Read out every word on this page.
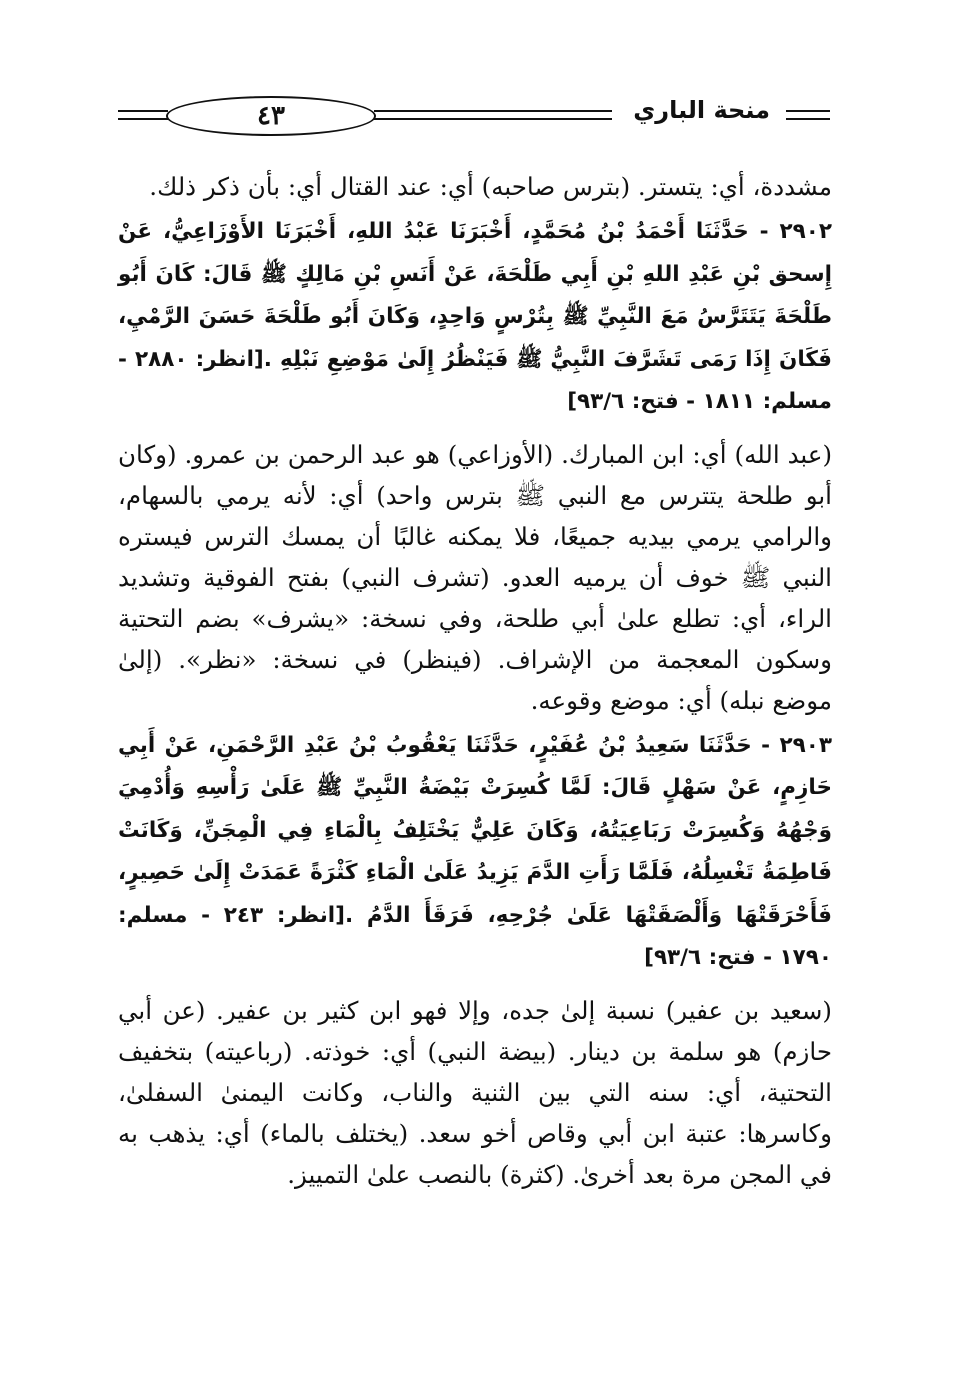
٤٣	منحة الباري

مشددة، أي: يتستر. (بترس صاحبه) أي: عند القتال أي: بأن ذكر ذلك.

٢٩٠٢ - حَدَّثَنَا أَحْمَدُ بْنُ مُحَمَّدٍ، أَخْبَرَنَا عَبْدُ اللهِ، أَخْبَرَنَا الأَوْزَاعِيُّ، عَنْ إِسحق بْنِ عَبْدِ اللهِ بْنِ أَبِي طَلْحَةَ، عَنْ أَنَسِ بْنِ مَالِكٍ ﷺ قَالَ: كَانَ أَبُو طَلْحَةَ يَتَتَرَّسُ مَعَ النَّبِيِّ ﷺ بِتُرْسٍ وَاحِدٍ، وَكَانَ أَبُو طَلْحَةَ حَسَنَ الرَّمْيِ، فَكَانَ إِذَا رَمَى تَشَرَّفَ النَّبِيُّ ﷺ فَيَنْظُرُ إِلَىٰ مَوْضِعِ نَبْلِهِ .[انظر: ٢٨٨٠ - مسلم: ١٨١١ - فتح: ٩٣/٦]

(عبد الله) أي: ابن المبارك. (الأوزاعي) هو عبد الرحمن بن عمرو. (وكان أبو طلحة يتترس مع النبي ﷺ بترس واحد) أي: لأنه يرمي بالسهام، والرامي يرمي بيديه جميعًا، فلا يمكنه غالبًا أن يمسك الترس فيستره النبي ﷺ خوف أن يرميه العدو. (تشرف النبي) بفتح الفوقية وتشديد الراء، أي: تطلع علىٰ أبي طلحة، وفي نسخة: «يشرف» بضم التحتية وسكون المعجمة من الإشراف. (فينظر) في نسخة: «نظر». (إلىٰ موضع نبله) أي: موضع وقوعه.

٢٩٠٣ - حَدَّثَنَا سَعِيدُ بْنُ عُفَيْرٍ، حَدَّثَنَا يَعْقُوبُ بْنُ عَبْدِ الرَّحْمَنِ، عَنْ أَبِي حَازِمٍ، عَنْ سَهْلٍ قَالَ: لَمَّا كُسِرَتْ بَيْضَةُ النَّبِيِّ ﷺ عَلَىٰ رَأْسِهِ وَأُدْمِيَ وَجْهُهُ وَكُسِرَتْ رَبَاعِيَتُهُ، وَكَانَ عَلِيٌّ يَخْتَلِفُ بِالْمَاءِ فِي الْمِجَنِّ، وَكَانَتْ فَاطِمَةُ تَغْسِلُهُ، فَلَمَّا رَأَتِ الدَّمَ يَزِيدُ عَلَىٰ الْمَاءِ كَثْرَةً عَمَدَتْ إِلَىٰ حَصِيرٍ، فَأَحْرَقَتْهَا وَأَلْصَقَتْهَا عَلَىٰ جُرْحِهِ، فَرَقَأَ الدَّمُ .[انظر: ٢٤٣ - مسلم: ١٧٩٠ - فتح: ٩٣/٦]

(سعيد بن عفير) نسبة إلىٰ جده، وإلا فهو ابن كثير بن عفير. (عن أبي حازم) هو سلمة بن دينار. (بيضة النبي) أي: خوذته. (رباعيته) بتخفيف التحتية، أي: سنه التي بين الثنية والناب، وكانت اليمنىٰ السفلىٰ، وكاسرها: عتبة ابن أبي وقاص أخو سعد. (يختلف بالماء) أي: يذهب به في المجن مرة بعد أخرىٰ. (كثرة) بالنصب علىٰ التمييز.
